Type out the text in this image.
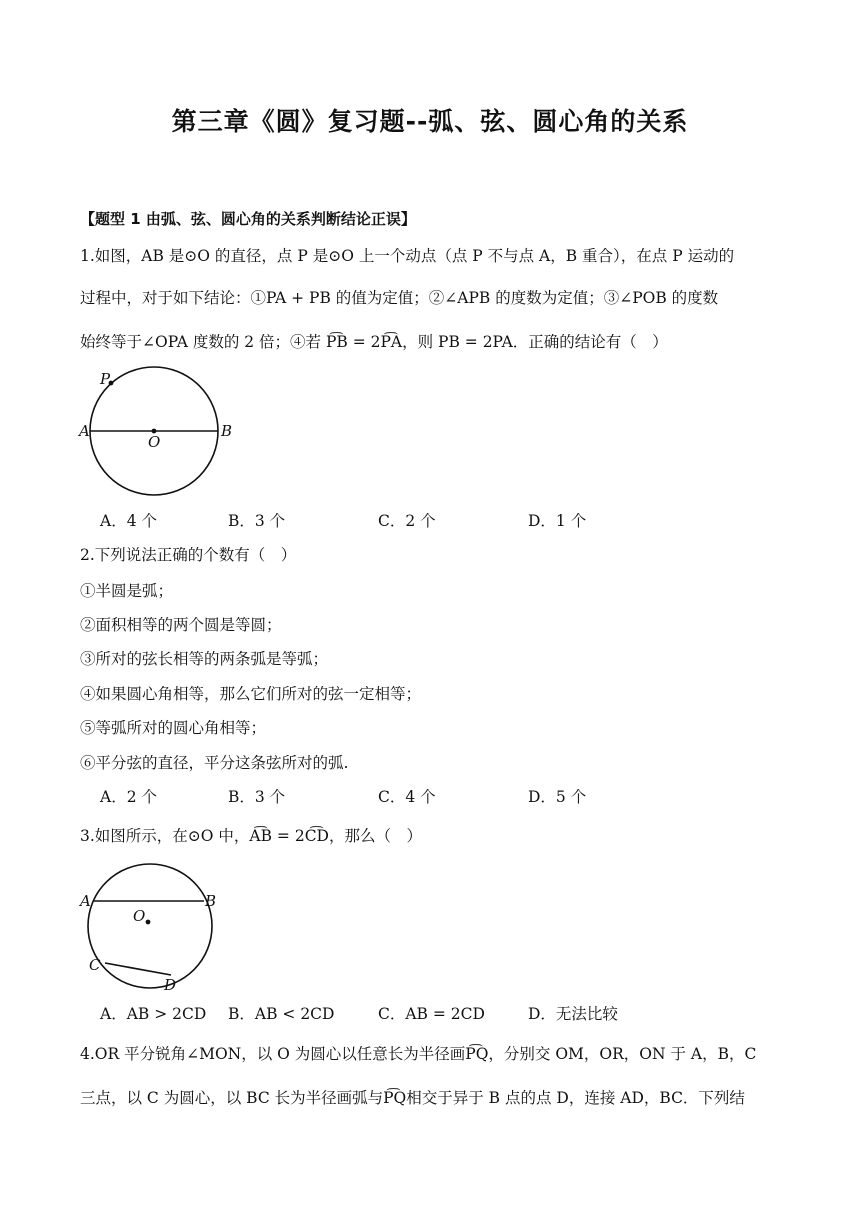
第三章《圆》复习题--弧、弦、圆心角的关系
【题型 1 由弧、弦、圆心角的关系判断结论正误】
1.如图，AB 是⊙O 的直径，点 P 是⊙O 上一个动点（点 P 不与点 A，B 重合），在点 P 运动的
过程中，对于如下结论：①PA + PB 的值为定值；②∠APB 的度数为定值；③∠POB 的度数
始终等于∠OPA 度数的 2 倍；④若 P͡B = 2P͡A，则 PB = 2PA．正确的结论有（　）
P
A
O
B
A．4 个	B．3 个	C．2 个	D．1 个
2.下列说法正确的个数有（　）
①半圆是弧；
②面积相等的两个圆是等圆；
③所对的弦长相等的两条弧是等弧；
④如果圆心角相等，那么它们所对的弦一定相等；
⑤等弧所对的圆心角相等；
⑥平分弦的直径，平分这条弦所对的弧.
A．2 个	B．3 个	C．4 个	D．5 个
3.如图所示，在⊙O 中，A͡B = 2C͡D，那么（　）
A	B
O
C
D
A．AB > 2CD B．AB < 2CD	C．AB = 2CD	D．无法比较
4.OR 平分锐角∠MON，以 O 为圆心以任意长为半径画P͡Q，分别交 OM，OR，ON 于 A，B，C
三点，以 C 为圆心，以 BC 长为半径画弧与P͡Q相交于异于 B 点的点 D，连接 AD，BC．下列结
